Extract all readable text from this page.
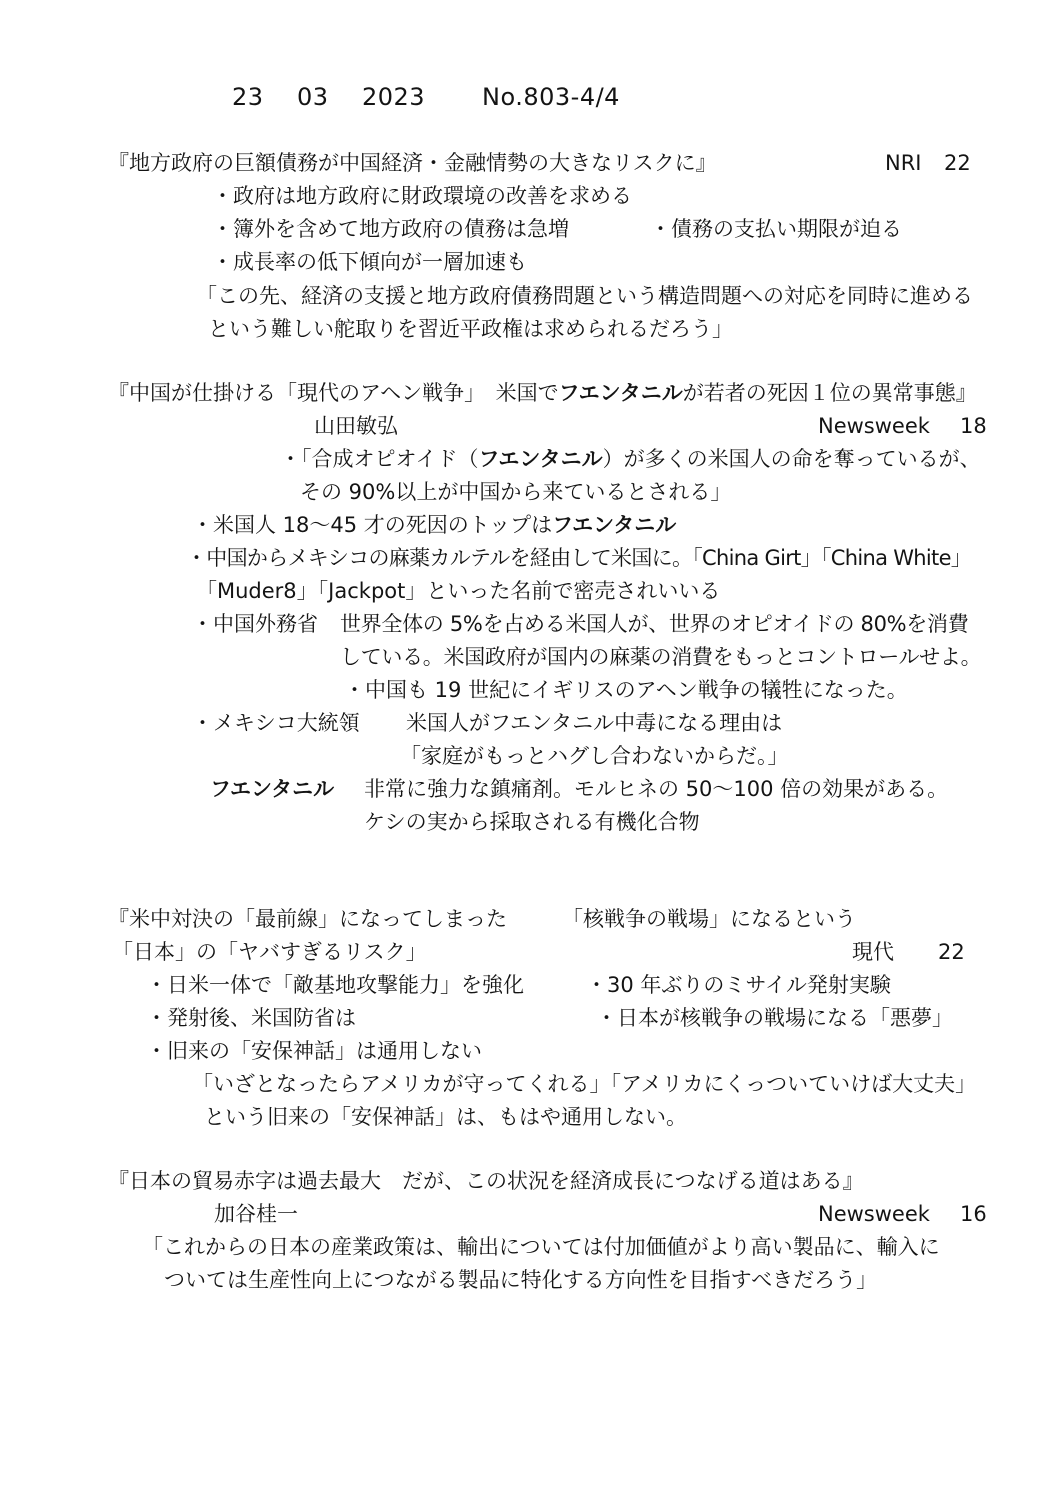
23 03 2023 No.803-4/4
『地方政府の巨額債務が中国経済・金融情勢の大きなリスクに』	NRI 22
・政府は地方政府に財政環境の改善を求める
・簿外を含めて地方政府の債務は急増	・債務の支払い期限が迫る
・成長率の低下傾向が一層加速も
「この先、経済の支援と地方政府債務問題という構造問題への対応を同時に進める
という難しい舵取りを習近平政権は求められるだろう」
『中国が仕掛ける「現代のアヘン戦争」　米国でフエンタニルが若者の死因１位の異常事態』
山田敏弘	Newsweek 18
・「合成オピオイド（フエンタニル）が多くの米国人の命を奪っているが、
その 90%以上が中国から来ているとされる」
・米国人 18～45 才の死因のトップはフエンタニル
・中国からメキシコの麻薬カルテルを経由して米国に。「China Girt」「China White」
「Muder8」「Jackpot」といった名前で密売されいいる
・中国外務省 世界全体の 5%を占める米国人が、世界のオピオイドの 80%を消費
している。米国政府が国内の麻薬の消費をもっとコントロールせよ。
・中国も 19 世紀にイギリスのアヘン戦争の犠牲になった。
・メキシコ大統領 米国人がフエンタニル中毒になる理由は
「家庭がもっとハグし合わないからだ。」
フエンタニル 非常に強力な鎮痛剤。モルヒネの 50～100 倍の効果がある。
ケシの実から採取される有機化合物
『米中対決の「最前線」になってしまった	「核戦争の戦場」になるという
「日本」の「ヤバすぎるリスク」	現代 22
・日米一体で「敵基地攻撃能力」を強化	・30 年ぶりのミサイル発射実験
・発射後、米国防省は	・日本が核戦争の戦場になる「悪夢」
・旧来の「安保神話」は通用しない
「いざとなったらアメリカが守ってくれる」「アメリカにくっついていけば大丈夫」
という旧来の「安保神話」は、もはや通用しない。
『日本の貿易赤字は過去最大　だが、この状況を経済成長につなげる道はある』
加谷桂一	Newsweek 16
「これからの日本の産業政策は、輸出については付加価値がより高い製品に、輸入に
ついては生産性向上につながる製品に特化する方向性を目指すべきだろう」
